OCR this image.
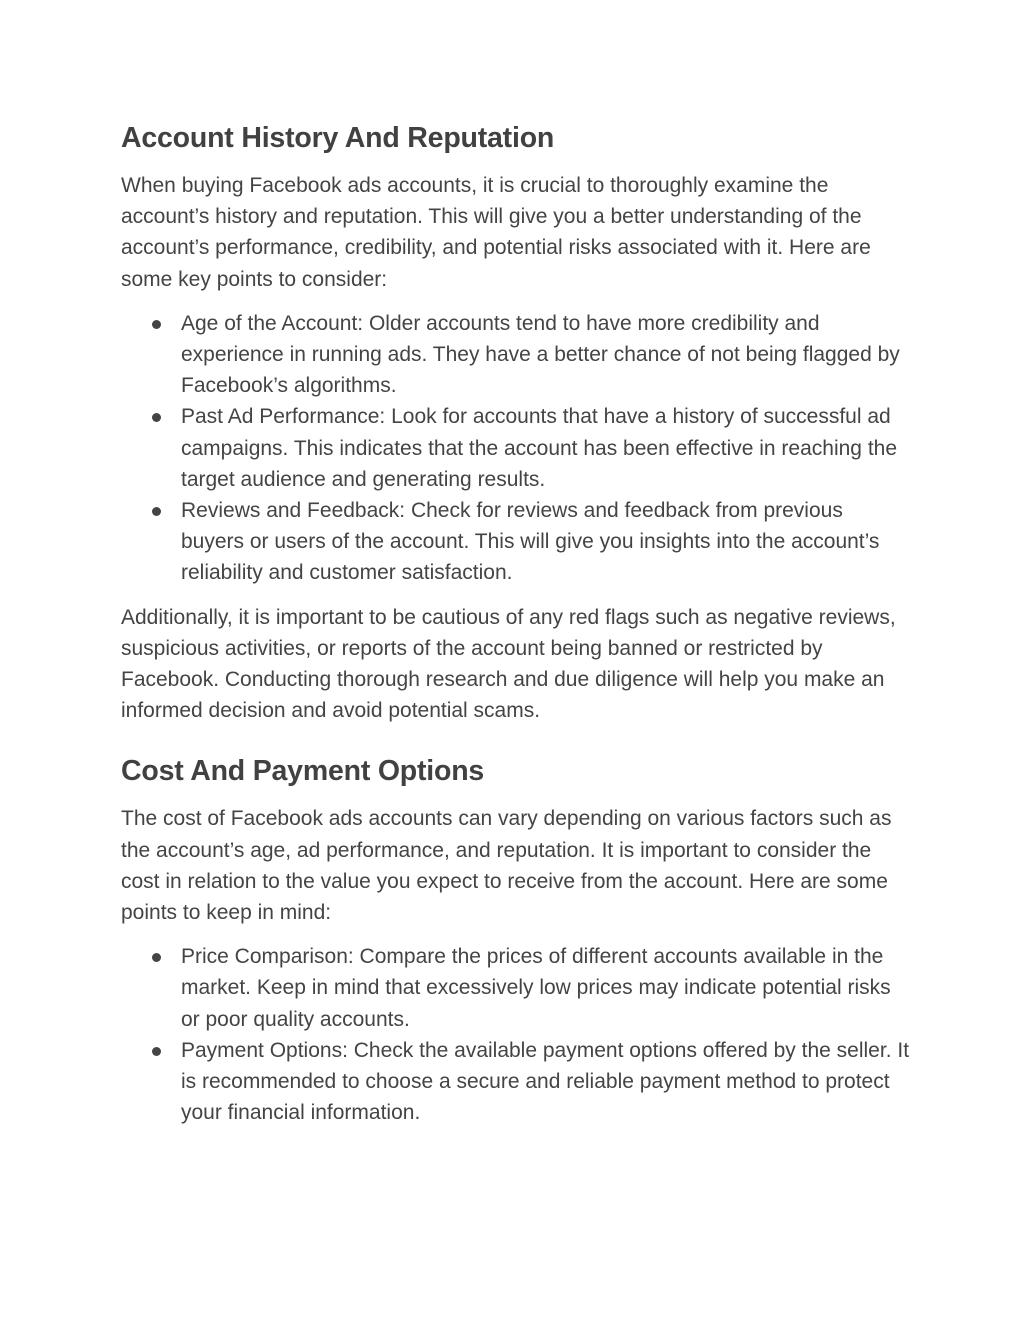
Account History And Reputation

When buying Facebook ads accounts, it is crucial to thoroughly examine the account’s history and reputation. This will give you a better understanding of the account’s performance, credibility, and potential risks associated with it. Here are some key points to consider:

Age of the Account: Older accounts tend to have more credibility and experience in running ads. They have a better chance of not being flagged by Facebook’s algorithms.
Past Ad Performance: Look for accounts that have a history of successful ad campaigns. This indicates that the account has been effective in reaching the target audience and generating results.
Reviews and Feedback: Check for reviews and feedback from previous buyers or users of the account. This will give you insights into the account’s reliability and customer satisfaction.

Additionally, it is important to be cautious of any red flags such as negative reviews, suspicious activities, or reports of the account being banned or restricted by Facebook. Conducting thorough research and due diligence will help you make an informed decision and avoid potential scams.

Cost And Payment Options

The cost of Facebook ads accounts can vary depending on various factors such as the account’s age, ad performance, and reputation. It is important to consider the cost in relation to the value you expect to receive from the account. Here are some points to keep in mind:

Price Comparison: Compare the prices of different accounts available in the market. Keep in mind that excessively low prices may indicate potential risks or poor quality accounts.
Payment Options: Check the available payment options offered by the seller. It is recommended to choose a secure and reliable payment method to protect your financial information.
